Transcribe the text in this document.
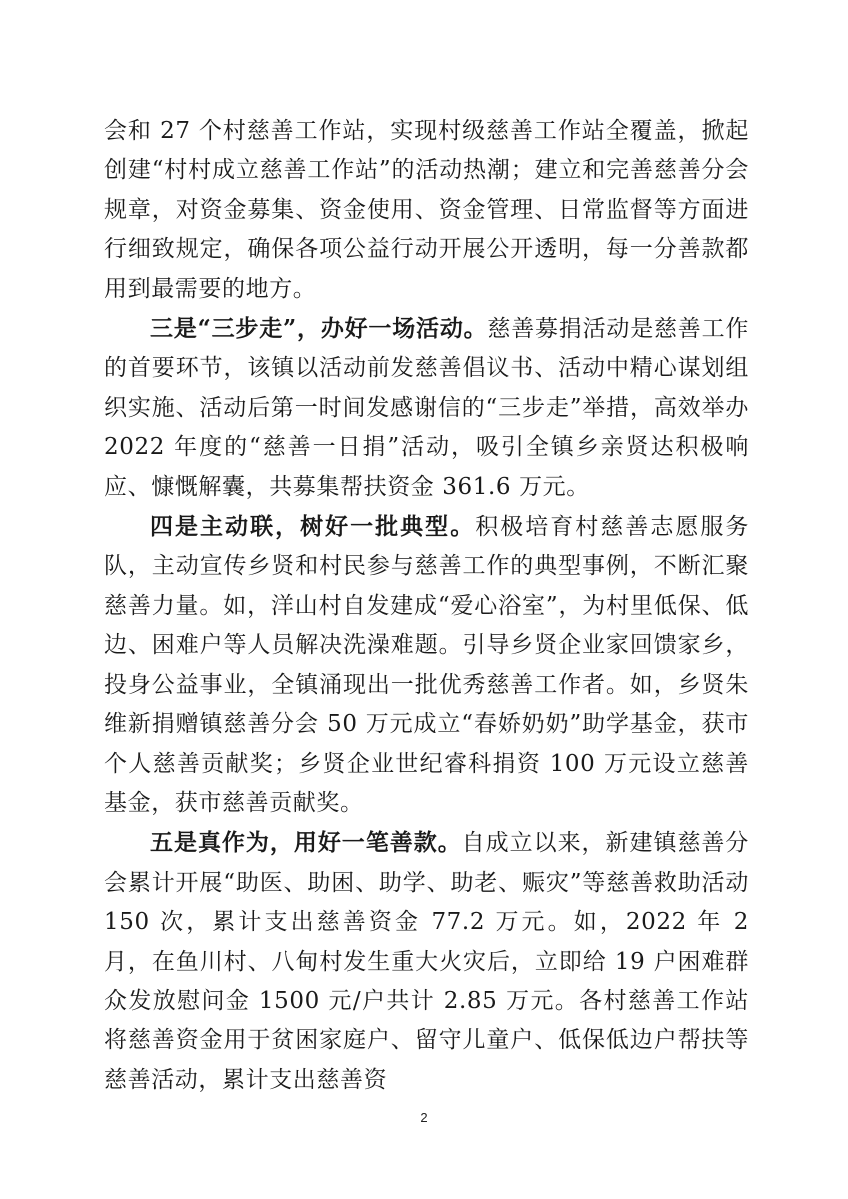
会和 27 个村慈善工作站，实现村级慈善工作站全覆盖，掀起创建“村村成立慈善工作站”的活动热潮；建立和完善慈善分会规章，对资金募集、资金使用、资金管理、日常监督等方面进行细致规定，确保各项公益行动开展公开透明，每一分善款都用到最需要的地方。

三是“三步走”，办好一场活动。慈善募捐活动是慈善工作的首要环节，该镇以活动前发慈善倡议书、活动中精心谋划组织实施、活动后第一时间发感谢信的“三步走”举措，高效举办 2022 年度的“慈善一日捐”活动，吸引全镇乡亲贤达积极响应、慷慨解囊，共募集帮扶资金 361.6 万元。

四是主动联，树好一批典型。积极培育村慈善志愿服务队，主动宣传乡贤和村民参与慈善工作的典型事例，不断汇聚慈善力量。如，洋山村自发建成“爱心浴室”，为村里低保、低边、困难户等人员解决洗澡难题。引导乡贤企业家回馈家乡，投身公益事业，全镇涌现出一批优秀慈善工作者。如，乡贤朱维新捐赠镇慈善分会 50 万元成立“春娇奶奶”助学基金，获市个人慈善贡献奖；乡贤企业世纪睿科捐资 100 万元设立慈善基金，获市慈善贡献奖。

五是真作为，用好一笔善款。自成立以来，新建镇慈善分会累计开展“助医、助困、助学、助老、赈灾”等慈善救助活动 150 次，累计支出慈善资金 77.2 万元。如，2022 年 2 月，在鱼川村、八甸村发生重大火灾后，立即给 19 户困难群众发放慰问金 1500 元/户共计 2.85 万元。各村慈善工作站将慈善资金用于贫困家庭户、留守儿童户、低保低边户帮扶等慈善活动，累计支出慈善资

2
